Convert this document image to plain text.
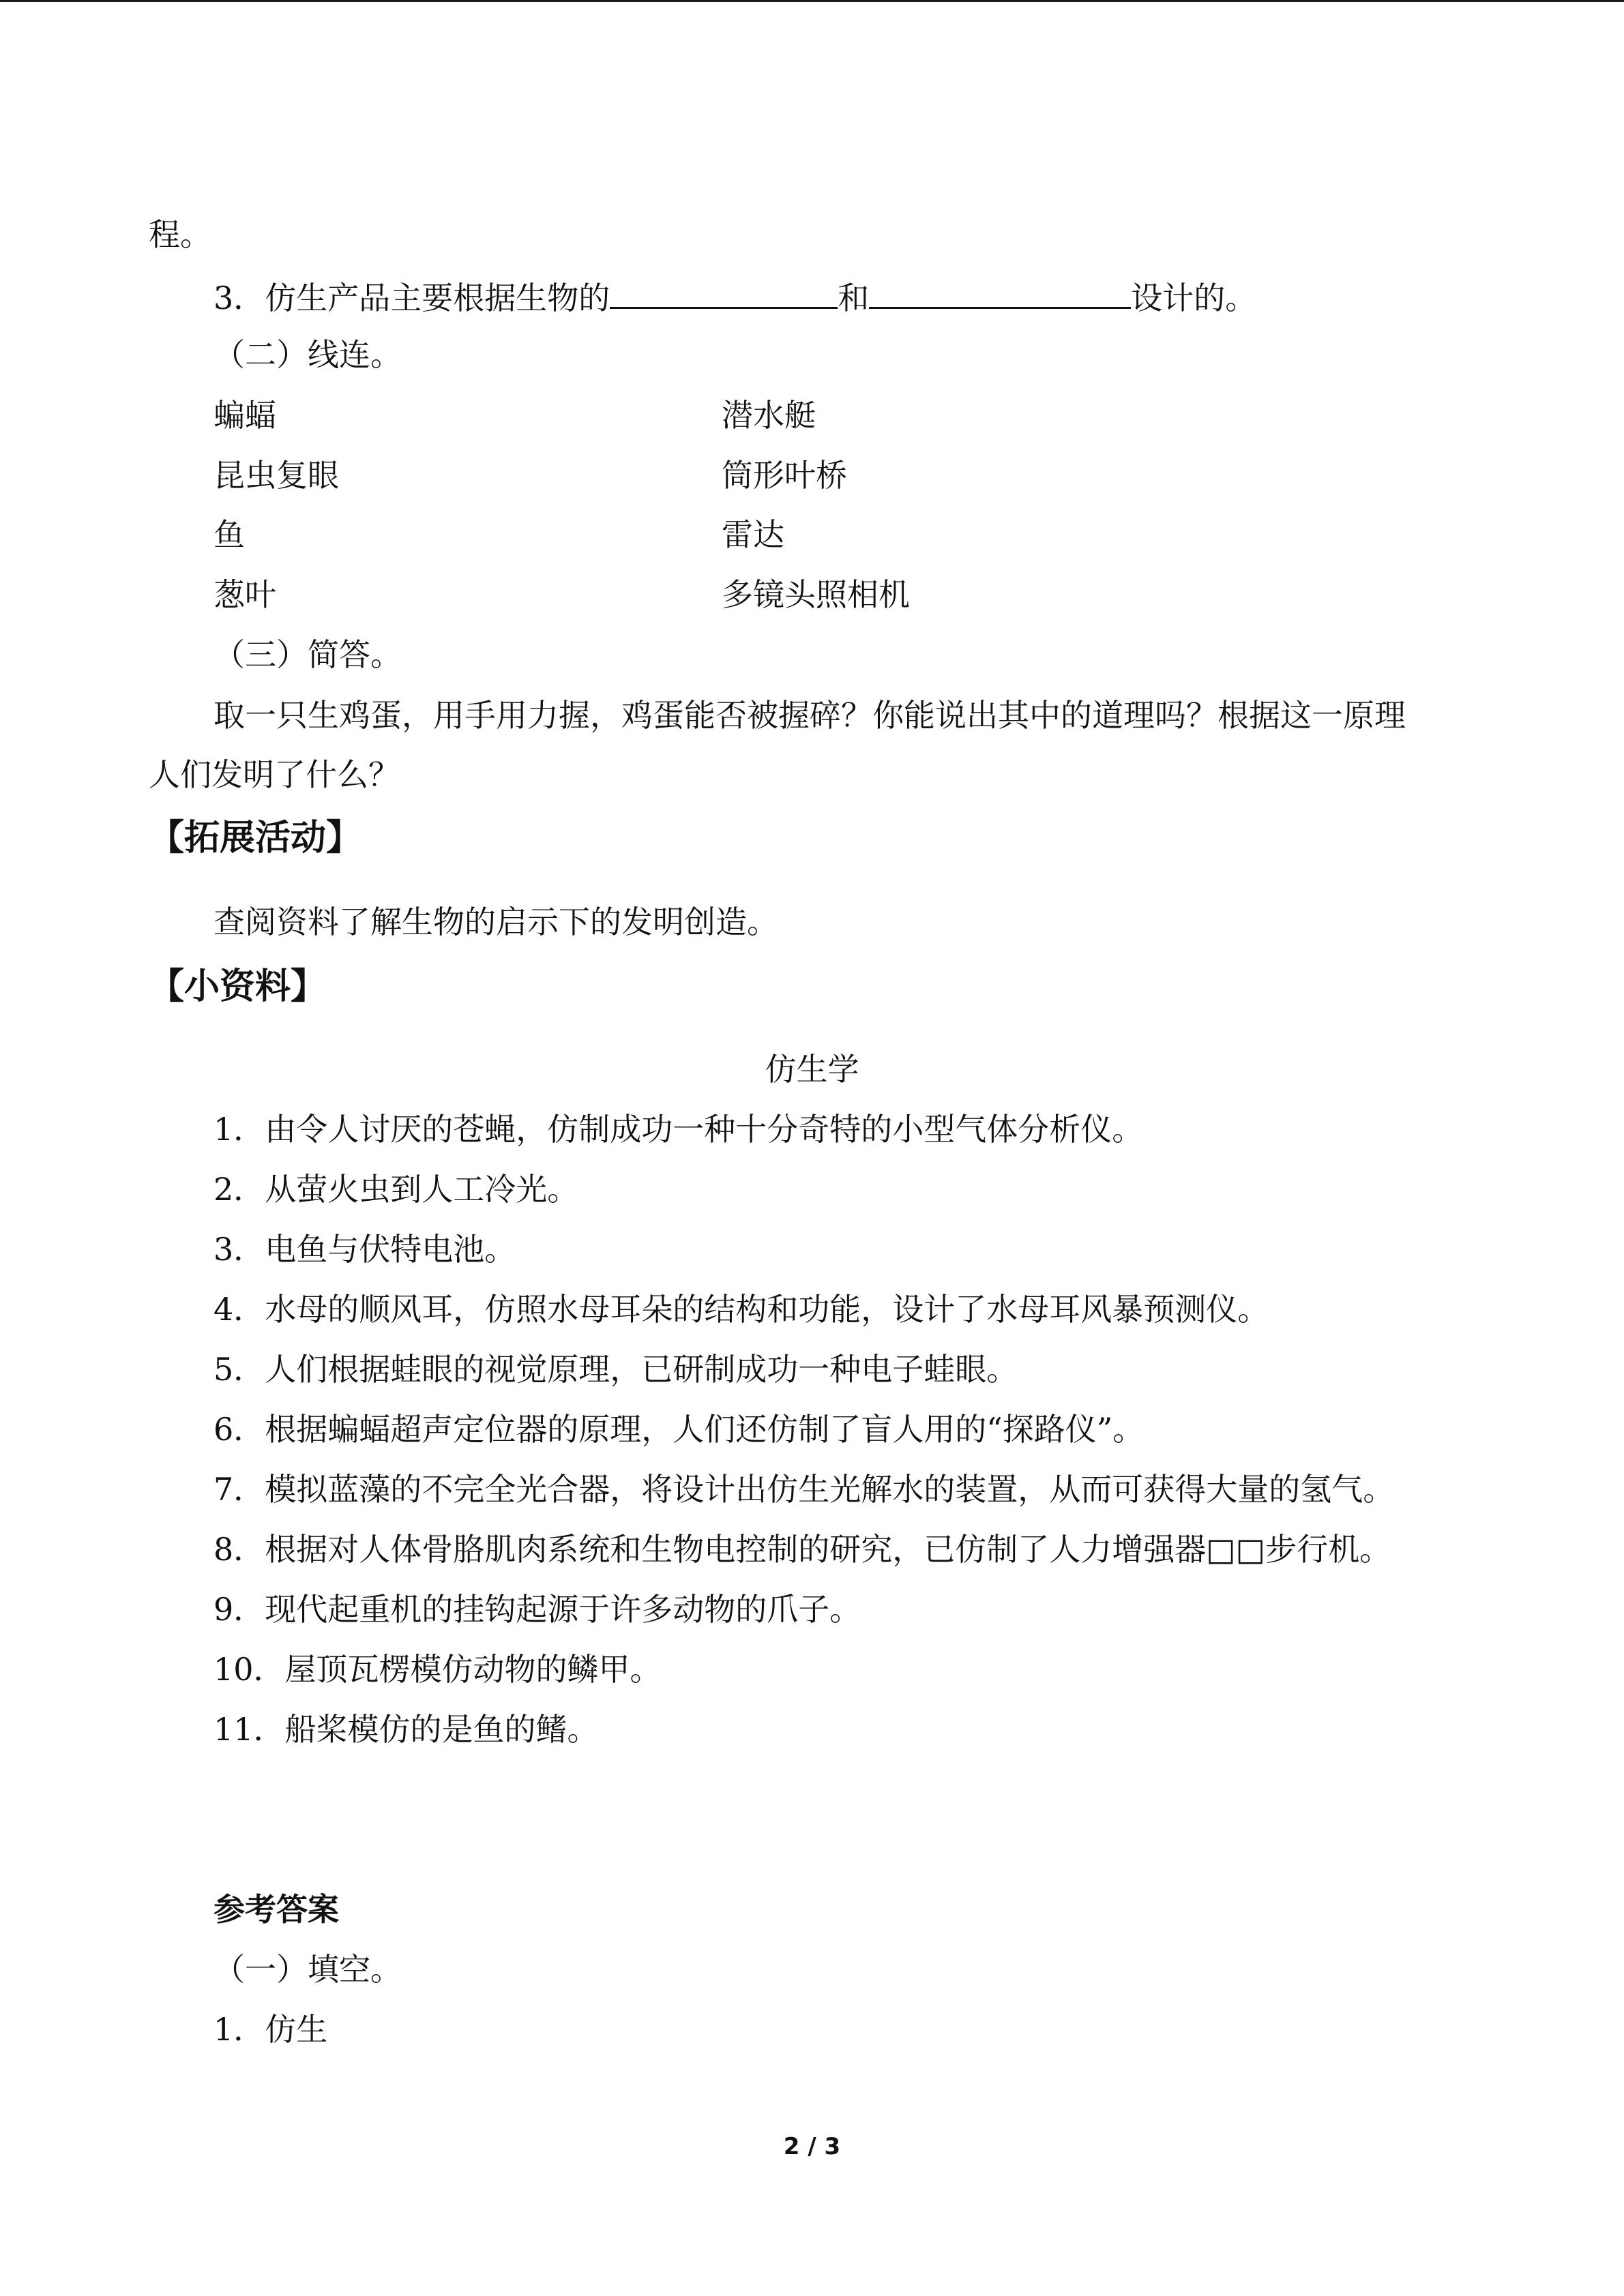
程。
3．仿生产品主要根据生物的	和	设计的。
（二）线连。
蝙蝠	潜水艇
昆虫复眼	筒形叶桥
鱼	雷达
葱叶	多镜头照相机
（三）简答。
取一只生鸡蛋，用手用力握，鸡蛋能否被握碎？你能说出其中的道理吗？根据这一原理
人们发明了什么？
【拓展活动】
查阅资料了解生物的启示下的发明创造。
【小资料】
仿生学
1．由令人讨厌的苍蝇，仿制成功一种十分奇特的小型气体分析仪。
2．从萤火虫到人工冷光。
3．电鱼与伏特电池。
4．水母的顺风耳，仿照水母耳朵的结构和功能，设计了水母耳风暴预测仪。
5．人们根据蛙眼的视觉原理，已研制成功一种电子蛙眼。
6．根据蝙蝠超声定位器的原理，人们还仿制了盲人用的“探路仪”。
7．模拟蓝藻的不完全光合器，将设计出仿生光解水的装置，从而可获得大量的氢气。
8．根据对人体骨胳肌肉系统和生物电控制的研究，已仿制了人力增强器□□步行机。
9．现代起重机的挂钩起源于许多动物的爪子。
10．屋顶瓦楞模仿动物的鳞甲。
11．船桨模仿的是鱼的鳍。
参考答案
（一）填空。
1．仿生
2 / 3
